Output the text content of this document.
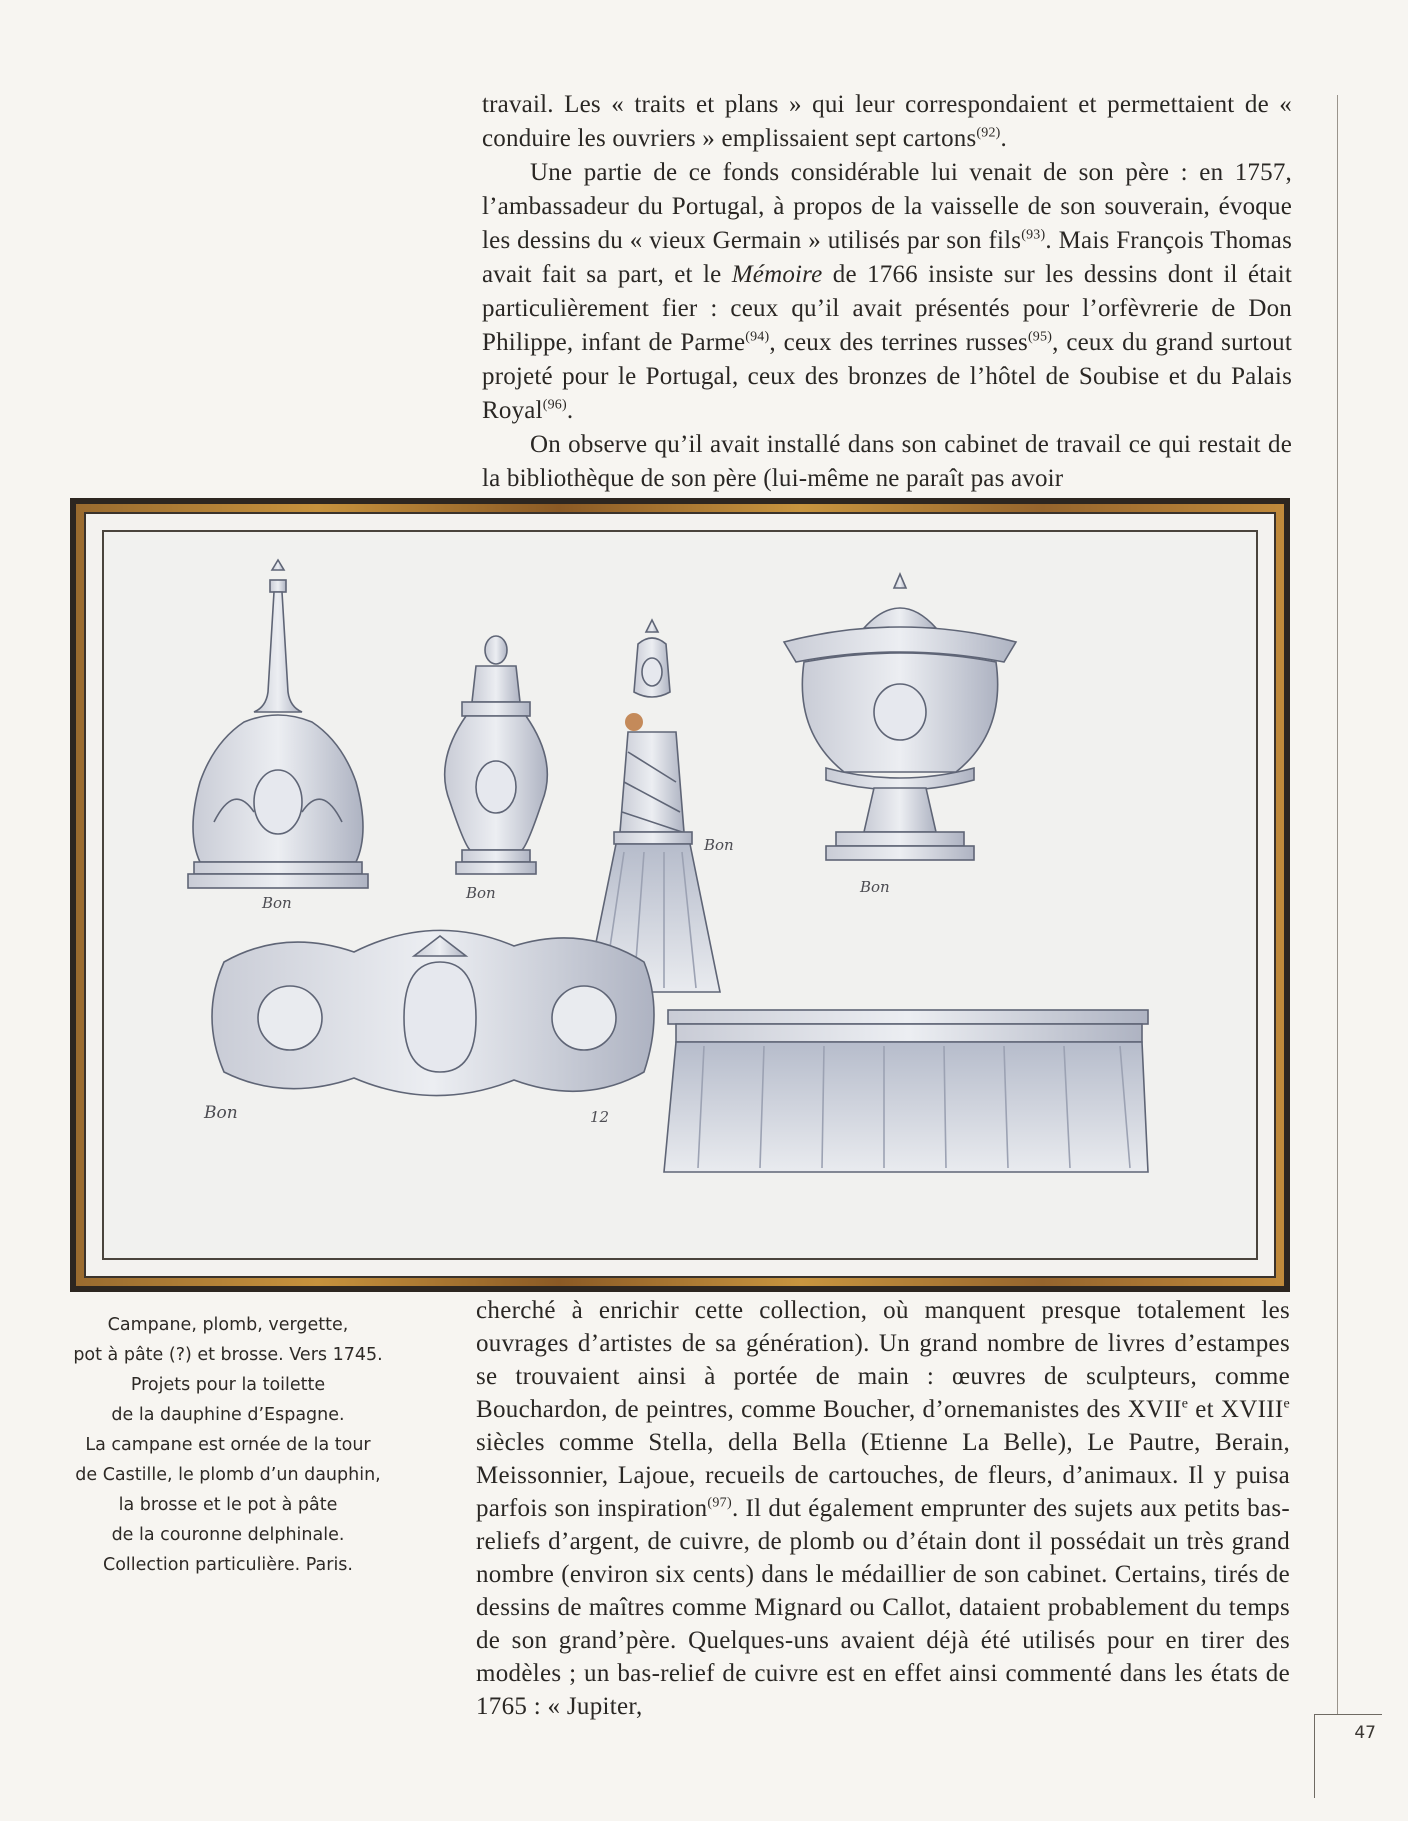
travail. Les « traits et plans » qui leur correspondaient et permettaient de « conduire les ouvriers » emplissaient sept cartons$^{(92)}$.

Une partie de ce fonds considérable lui venait de son père : en 1757, l’ambassadeur du Portugal, à propos de la vaisselle de son souverain, évoque les dessins du « vieux Germain » utilisés par son fils$^{(93)}$. Mais François Thomas avait fait sa part, et le Mémoire de 1766 insiste sur les dessins dont il était particulièrement fier : ceux qu’il avait présentés pour l’orfèvrerie de Don Philippe, infant de Parme$^{(94)}$, ceux des terrines russes$^{(95)}$, ceux du grand surtout projeté pour le Portugal, ceux des bronzes de l’hôtel de Soubise et du Palais Royal$^{(96)}$.

On observe qu’il avait installé dans son cabinet de travail ce qui restait de la bibliothèque de son père (lui-même ne paraît pas avoir

Bon
Bon
Bon
Bon
Bon	12
Campane, plomb, vergette,
pot à pâte (?) et brosse. Vers 1745.
Projets pour la toilette
de la dauphine d’Espagne.
La campane est ornée de la tour
de Castille, le plomb d’un dauphin,
la brosse et le pot à pâte
de la couronne delphinale.
Collection particulière. Paris.

cherché à enrichir cette collection, où manquent presque totalement les ouvrages d’artistes de sa génération). Un grand nombre de livres d’estampes se trouvaient ainsi à portée de main : œuvres de sculpteurs, comme Bouchardon, de peintres, comme Boucher, d’ornemanistes des XVIIe et XVIIIe siècles comme Stella, della Bella (Etienne La Belle), Le Pautre, Berain, Meissonnier, Lajoue, recueils de cartouches, de fleurs, d’animaux. Il y puisa parfois son inspiration$^{(97)}$. Il dut également emprunter des sujets aux petits bas-reliefs d’argent, de cuivre, de plomb ou d’étain dont il possédait un très grand nombre (environ six cents) dans le médaillier de son cabinet. Certains, tirés de dessins de maîtres comme Mignard ou Callot, dataient probablement du temps de son grand’père. Quelques-uns avaient déjà été utilisés pour en tirer des modèles ; un bas-relief de cuivre est en effet ainsi commenté dans les états de 1765 : « Jupiter,

47
